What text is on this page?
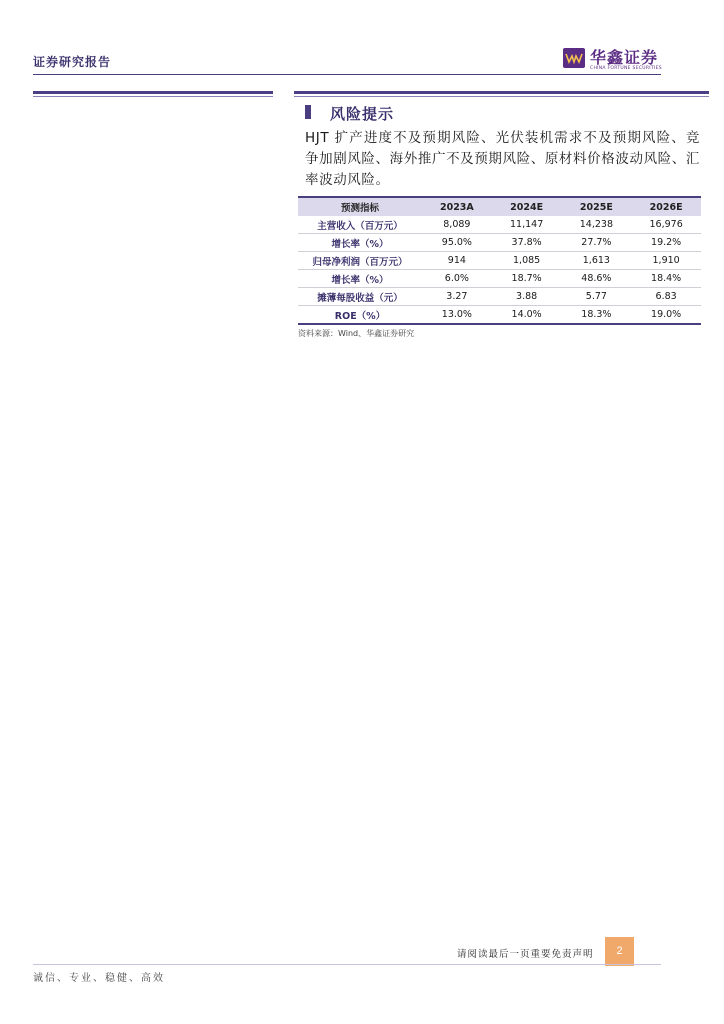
证券研究报告	华鑫证券
CHINA FORTUNE SECURITIES
风险提示
HJT 扩产进度不及预期风险、光伏装机需求不及预期风险、竞争加剧风险、海外推广不及预期风险、原材料价格波动风险、汇率波动风险。
预测指标	2023A	2024E	2025E	2026E
主营收入（百万元）	8,089	11,147	14,238	16,976
增长率（%）	95.0%	37.8%	27.7%	19.2%
归母净利润（百万元）	914	1,085	1,613	1,910
增长率（%）	6.0%	18.7%	48.6%	18.4%
摊薄每股收益（元）	3.27	3.88	5.77	6.83
ROE（%）	13.0%	14.0%	18.3%	19.0%
资料来源：Wind、华鑫证券研究
请阅读最后一页重要免责声明	2
诚信、专业、稳健、高效
